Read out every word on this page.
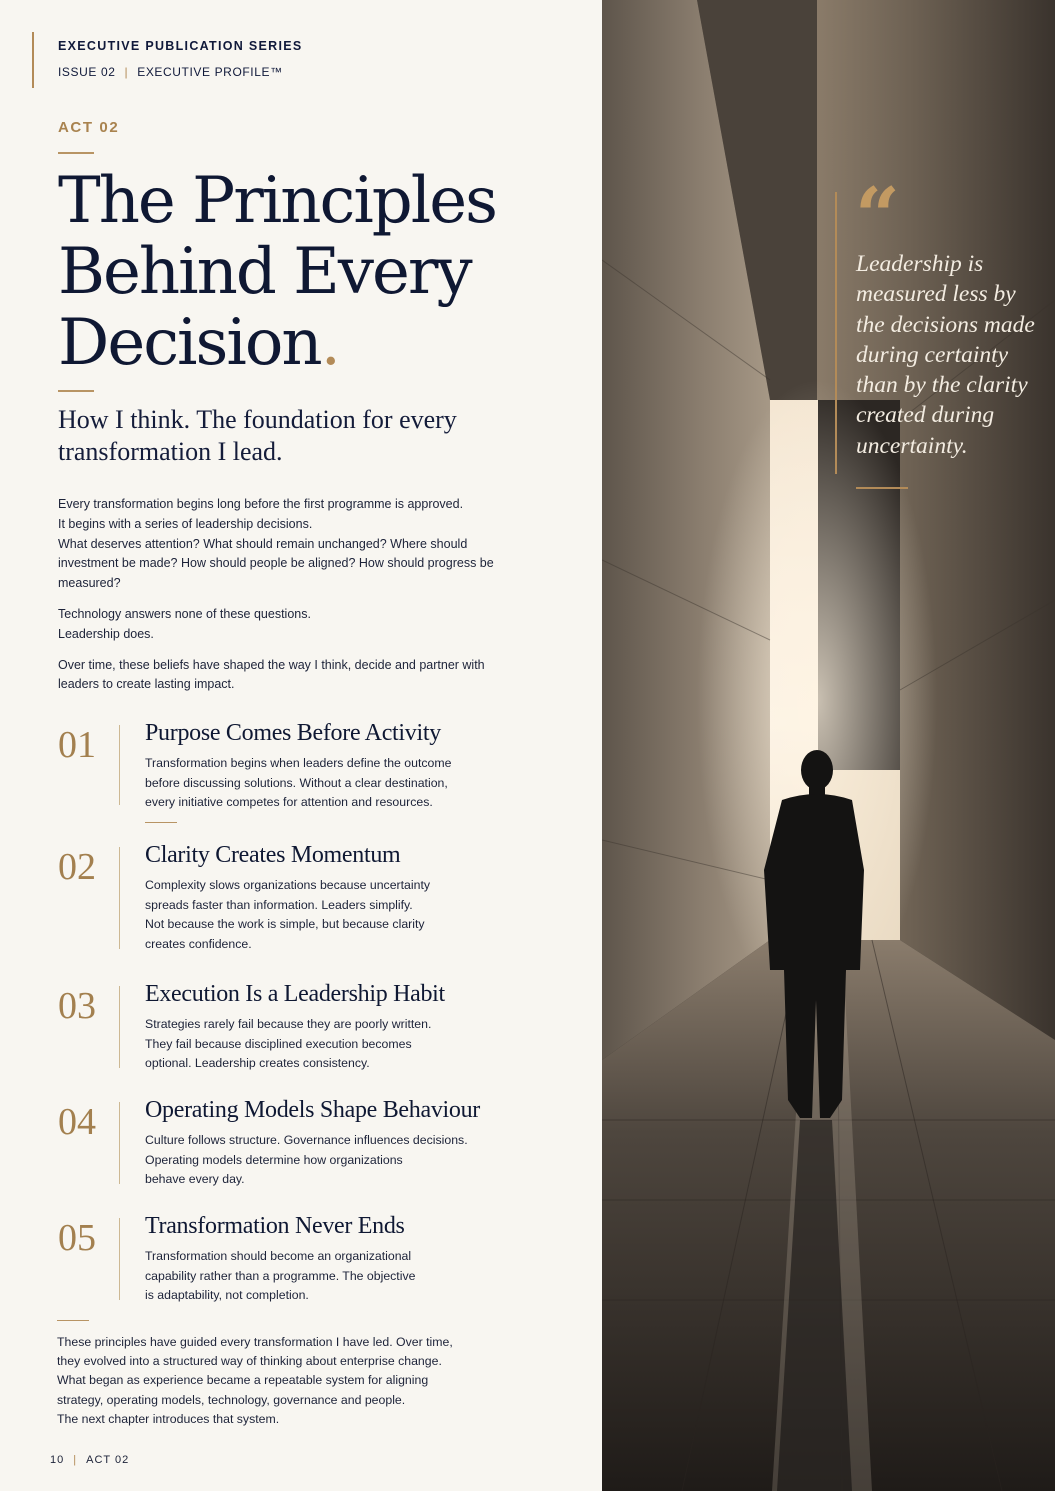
EXECUTIVE PUBLICATION SERIES
ISSUE 02 | EXECUTIVE PROFILE™
ACT 02
The Principles Behind Every Decision.
How I think. The foundation for every transformation I lead.

Every transformation begins long before the first programme is approved.
It begins with a series of leadership decisions.
What deserves attention? What should remain unchanged? Where should investment be made? How should people be aligned? How should progress be measured?

Technology answers none of these questions.
Leadership does.

Over time, these beliefs have shaped the way I think, decide and partner with leaders to create lasting impact.

01 Purpose Comes Before Activity
Transformation begins when leaders define the outcome
before discussing solutions. Without a clear destination,
every initiative competes for attention and resources.
02 Clarity Creates Momentum
Complexity slows organizations because uncertainty
spreads faster than information. Leaders simplify.
Not because the work is simple, but because clarity
creates confidence.
03 Execution Is a Leadership Habit
Strategies rarely fail because they are poorly written.
They fail because disciplined execution becomes
optional. Leadership creates consistency.
04 Operating Models Shape Behaviour
Culture follows structure. Governance influences decisions.
Operating models determine how organizations
behave every day.
05 Transformation Never Ends
Transformation should become an organizational
capability rather than a programme. The objective
is adaptability, not completion.

These principles have guided every transformation I have led. Over time,
they evolved into a structured way of thinking about enterprise change.
What began as experience became a repeatable system for aligning
strategy, operating models, technology, governance and people.
The next chapter introduces that system.

10 | ACT 02
“

Leadership is measured less by the decisions made during certainty than by the clarity created during uncertainty.
